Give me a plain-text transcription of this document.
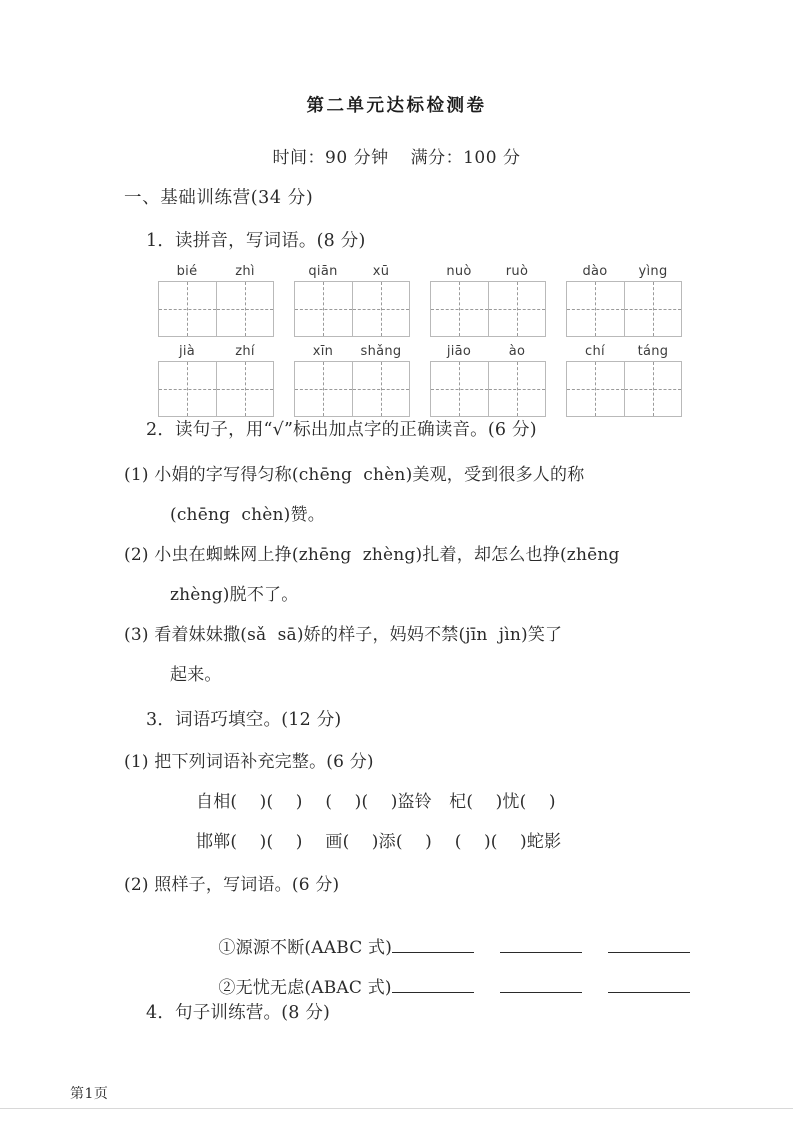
第二单元达标检测卷
时间：90 分钟 满分：100 分
一、基础训练营(34 分)
1．读拼音，写词语。(8 分)
bié	zhì	qiān	xū	nuò	ruò	dào	yìng
jià	zhí	xīn	shǎng	jiāo	ào	chí	táng
2．读句子，用“√”标出加点字的正确读音。(6 分)
(1) 小娟的字写得匀称(chēng  chèn)美观，受到很多人的称
(chēng  chèn)赞。
(2) 小虫在蜘蛛网上挣(zhēng  zhèng)扎着，却怎么也挣(zhēng
zhèng)脱不了。
(3) 看着妹妹撒(sǎ  sā)娇的样子，妈妈不禁(jīn  jìn)笑了
起来。
3．词语巧填空。(12 分)
(1) 把下列词语补充完整。(6 分)
自相(    )(    )　 (    )(    )盗铃　杞(    )忧(    )
邯郸(    )(    )　 画(    )添(    )　 (    )(    )蛇影
(2) 照样子，写词语。(6 分)

①源源不断(AABC 式)

②无忧无虑(ABAC 式)

4．句子训练营。(8 分)
第1页
